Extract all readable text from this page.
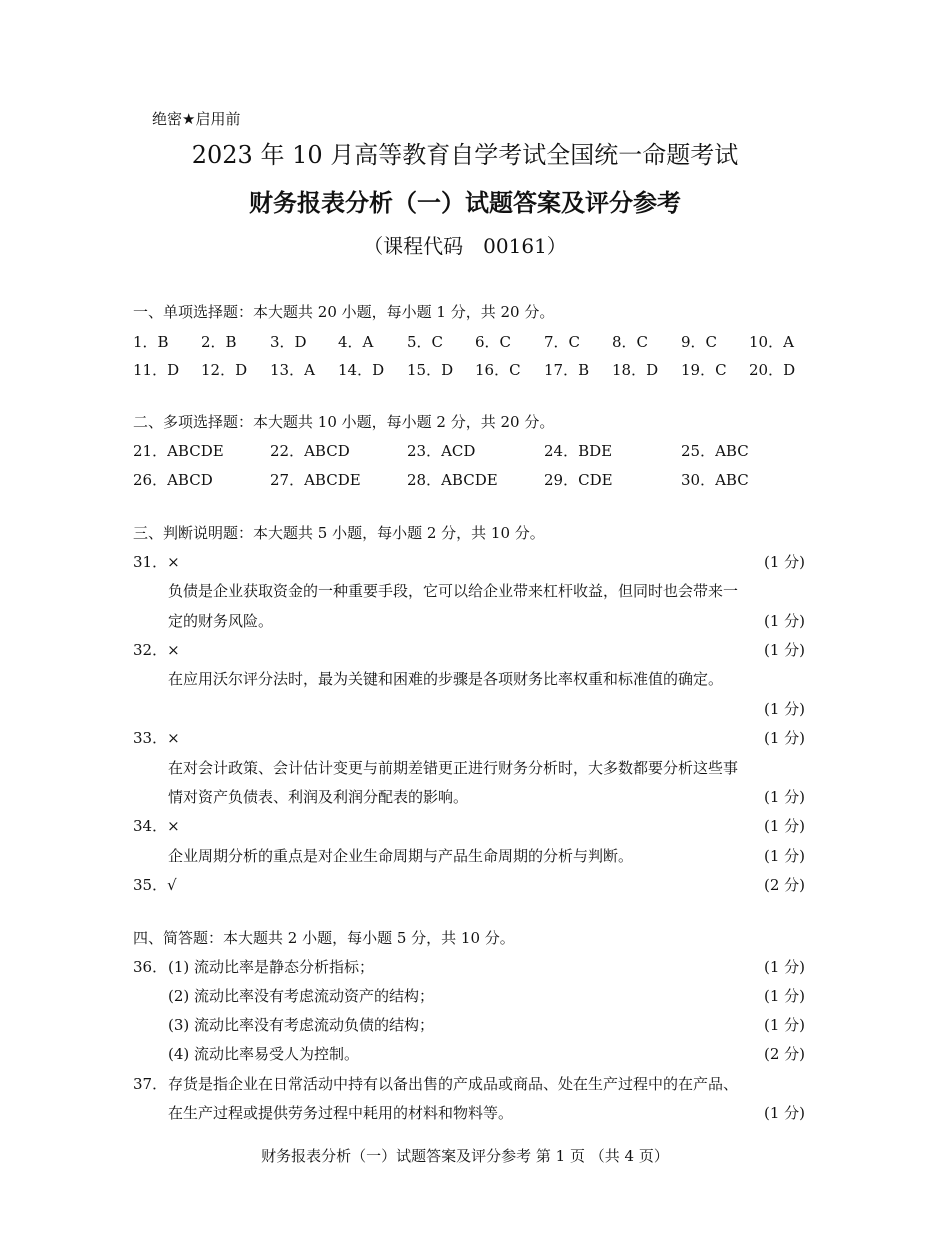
绝密★启用前
2023 年 10 月高等教育自学考试全国统一命题考试
财务报表分析（一）试题答案及评分参考
（课程代码　00161）
一、单项选择题：本大题共 20 小题，每小题 1 分，共 20 分。
1．B 2．B 3．D 4．A 5．C 6．C 7．C 8．C 9．C 10．A
11．D 12．D 13．A 14．D 15．D 16．C 17．B 18．D 19．C 20．D
二、多项选择题：本大题共 10 小题，每小题 2 分，共 20 分。
21．ABCDE	22．ABCD	23．ACD	24．BDE	25．ABC
26．ABCD	27．ABCDE	28．ABCDE	29．CDE	30．ABC
三、判断说明题：本大题共 5 小题，每小题 2 分，共 10 分。
31．×	(1 分)
负债是企业获取资金的一种重要手段，它可以给企业带来杠杆收益，但同时也会带来一
定的财务风险。	(1 分)
32．×	(1 分)
在应用沃尔评分法时，最为关键和困难的步骤是各项财务比率权重和标准值的确定。
(1 分)
33．×	(1 分)
在对会计政策、会计估计变更与前期差错更正进行财务分析时，大多数都要分析这些事
情对资产负债表、利润及利润分配表的影响。	(1 分)
34．×	(1 分)
企业周期分析的重点是对企业生命周期与产品生命周期的分析与判断。	(1 分)
35．√	(2 分)
四、简答题：本大题共 2 小题，每小题 5 分，共 10 分。
36． (1) 流动比率是静态分析指标；	(1 分)
(2) 流动比率没有考虑流动资产的结构；	(1 分)
(3) 流动比率没有考虑流动负债的结构；	(1 分)
(4) 流动比率易受人为控制。	(2 分)
37． 存货是指企业在日常活动中持有以备出售的产成品或商品、处在生产过程中的在产品、
在生产过程或提供劳务过程中耗用的材料和物料等。	(1 分)
财务报表分析（一）试题答案及评分参考 第 1 页 （共 4 页）
